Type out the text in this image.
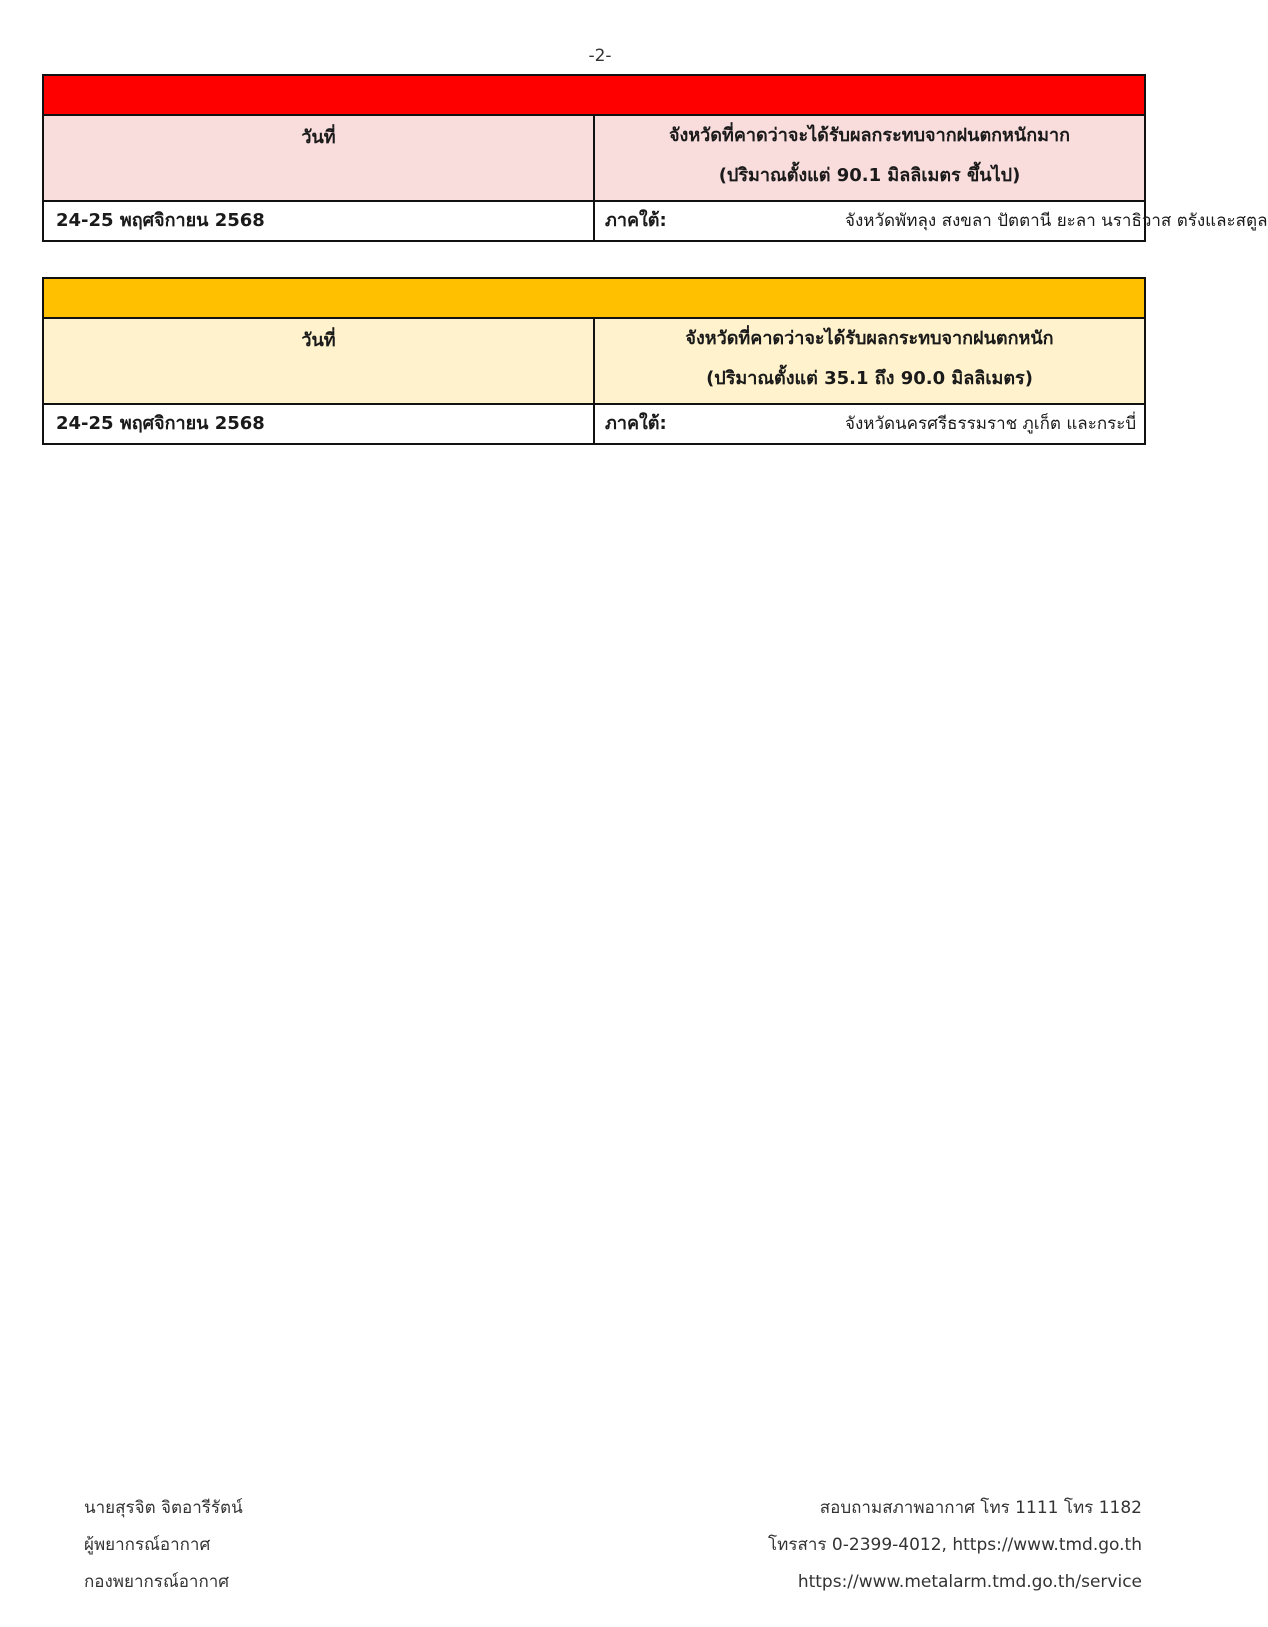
-2-

วันที่	จังหวัดที่คาดว่าจะได้รับผลกระทบจากฝนตกหนักมาก
(ปริมาณตั้งแต่ 90.1 มิลลิเมตร ขึ้นไป)

24-25 พฤศจิกายน 2568	ภาคใต้: จังหวัดพัทลุง สงขลา ปัตตานี ยะลา นราธิวาส ตรังและสตูล

วันที่	จังหวัดที่คาดว่าจะได้รับผลกระทบจากฝนตกหนัก
(ปริมาณตั้งแต่ 35.1 ถึง 90.0 มิลลิเมตร)

24-25 พฤศจิกายน 2568	ภาคใต้: จังหวัดนครศรีธรรมราช ภูเก็ต และกระบี่
นายสุรจิต จิตอารีรัตน์
ผู้พยากรณ์อากาศ
กองพยากรณ์อากาศ
สอบถามสภาพอากาศ โทร 1111 โทร 1182
โทรสาร 0-2399-4012, https://www.tmd.go.th
https://www.metalarm.tmd.go.th/service
